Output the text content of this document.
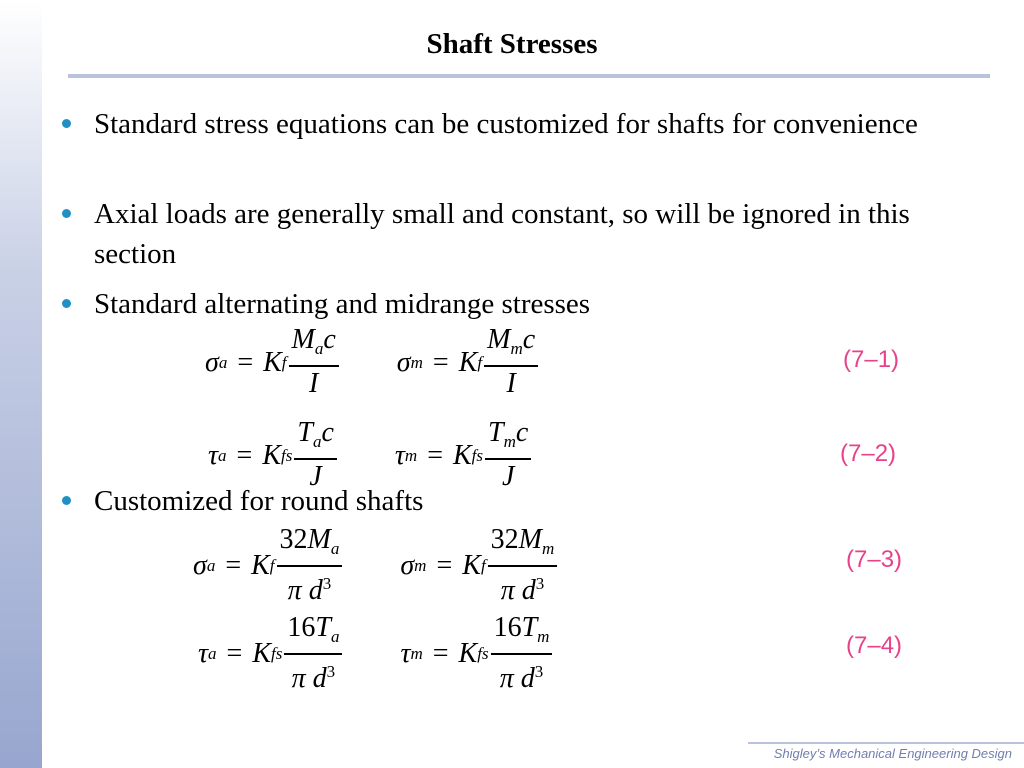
Shaft Stresses
Standard stress equations can be customized for shafts for convenience
Axial loads are generally small and constant, so will be ignored in this section
Standard alternating and midrange stresses
σ a = K f $\frac{M_ac}{I}$ σ m = K f $\frac{M_mc}{I}$	(7–1)
τ a = K fs $\frac{T_ac}{J}$ τ m = K fs $\frac{T_mc}{J}$	(7–2)
Customized for round shafts
σ a = K f $\frac{32M_a}{\pi d^3}$ σ m = K f $\frac{32M_m}{\pi d^3}$	(7–3)
τ a = K fs $\frac{16T_a}{\pi d^3}$ τ m = K fs $\frac{16T_m}{\pi d^3}$	(7–4)
Shigley’s Mechanical Engineering Design
